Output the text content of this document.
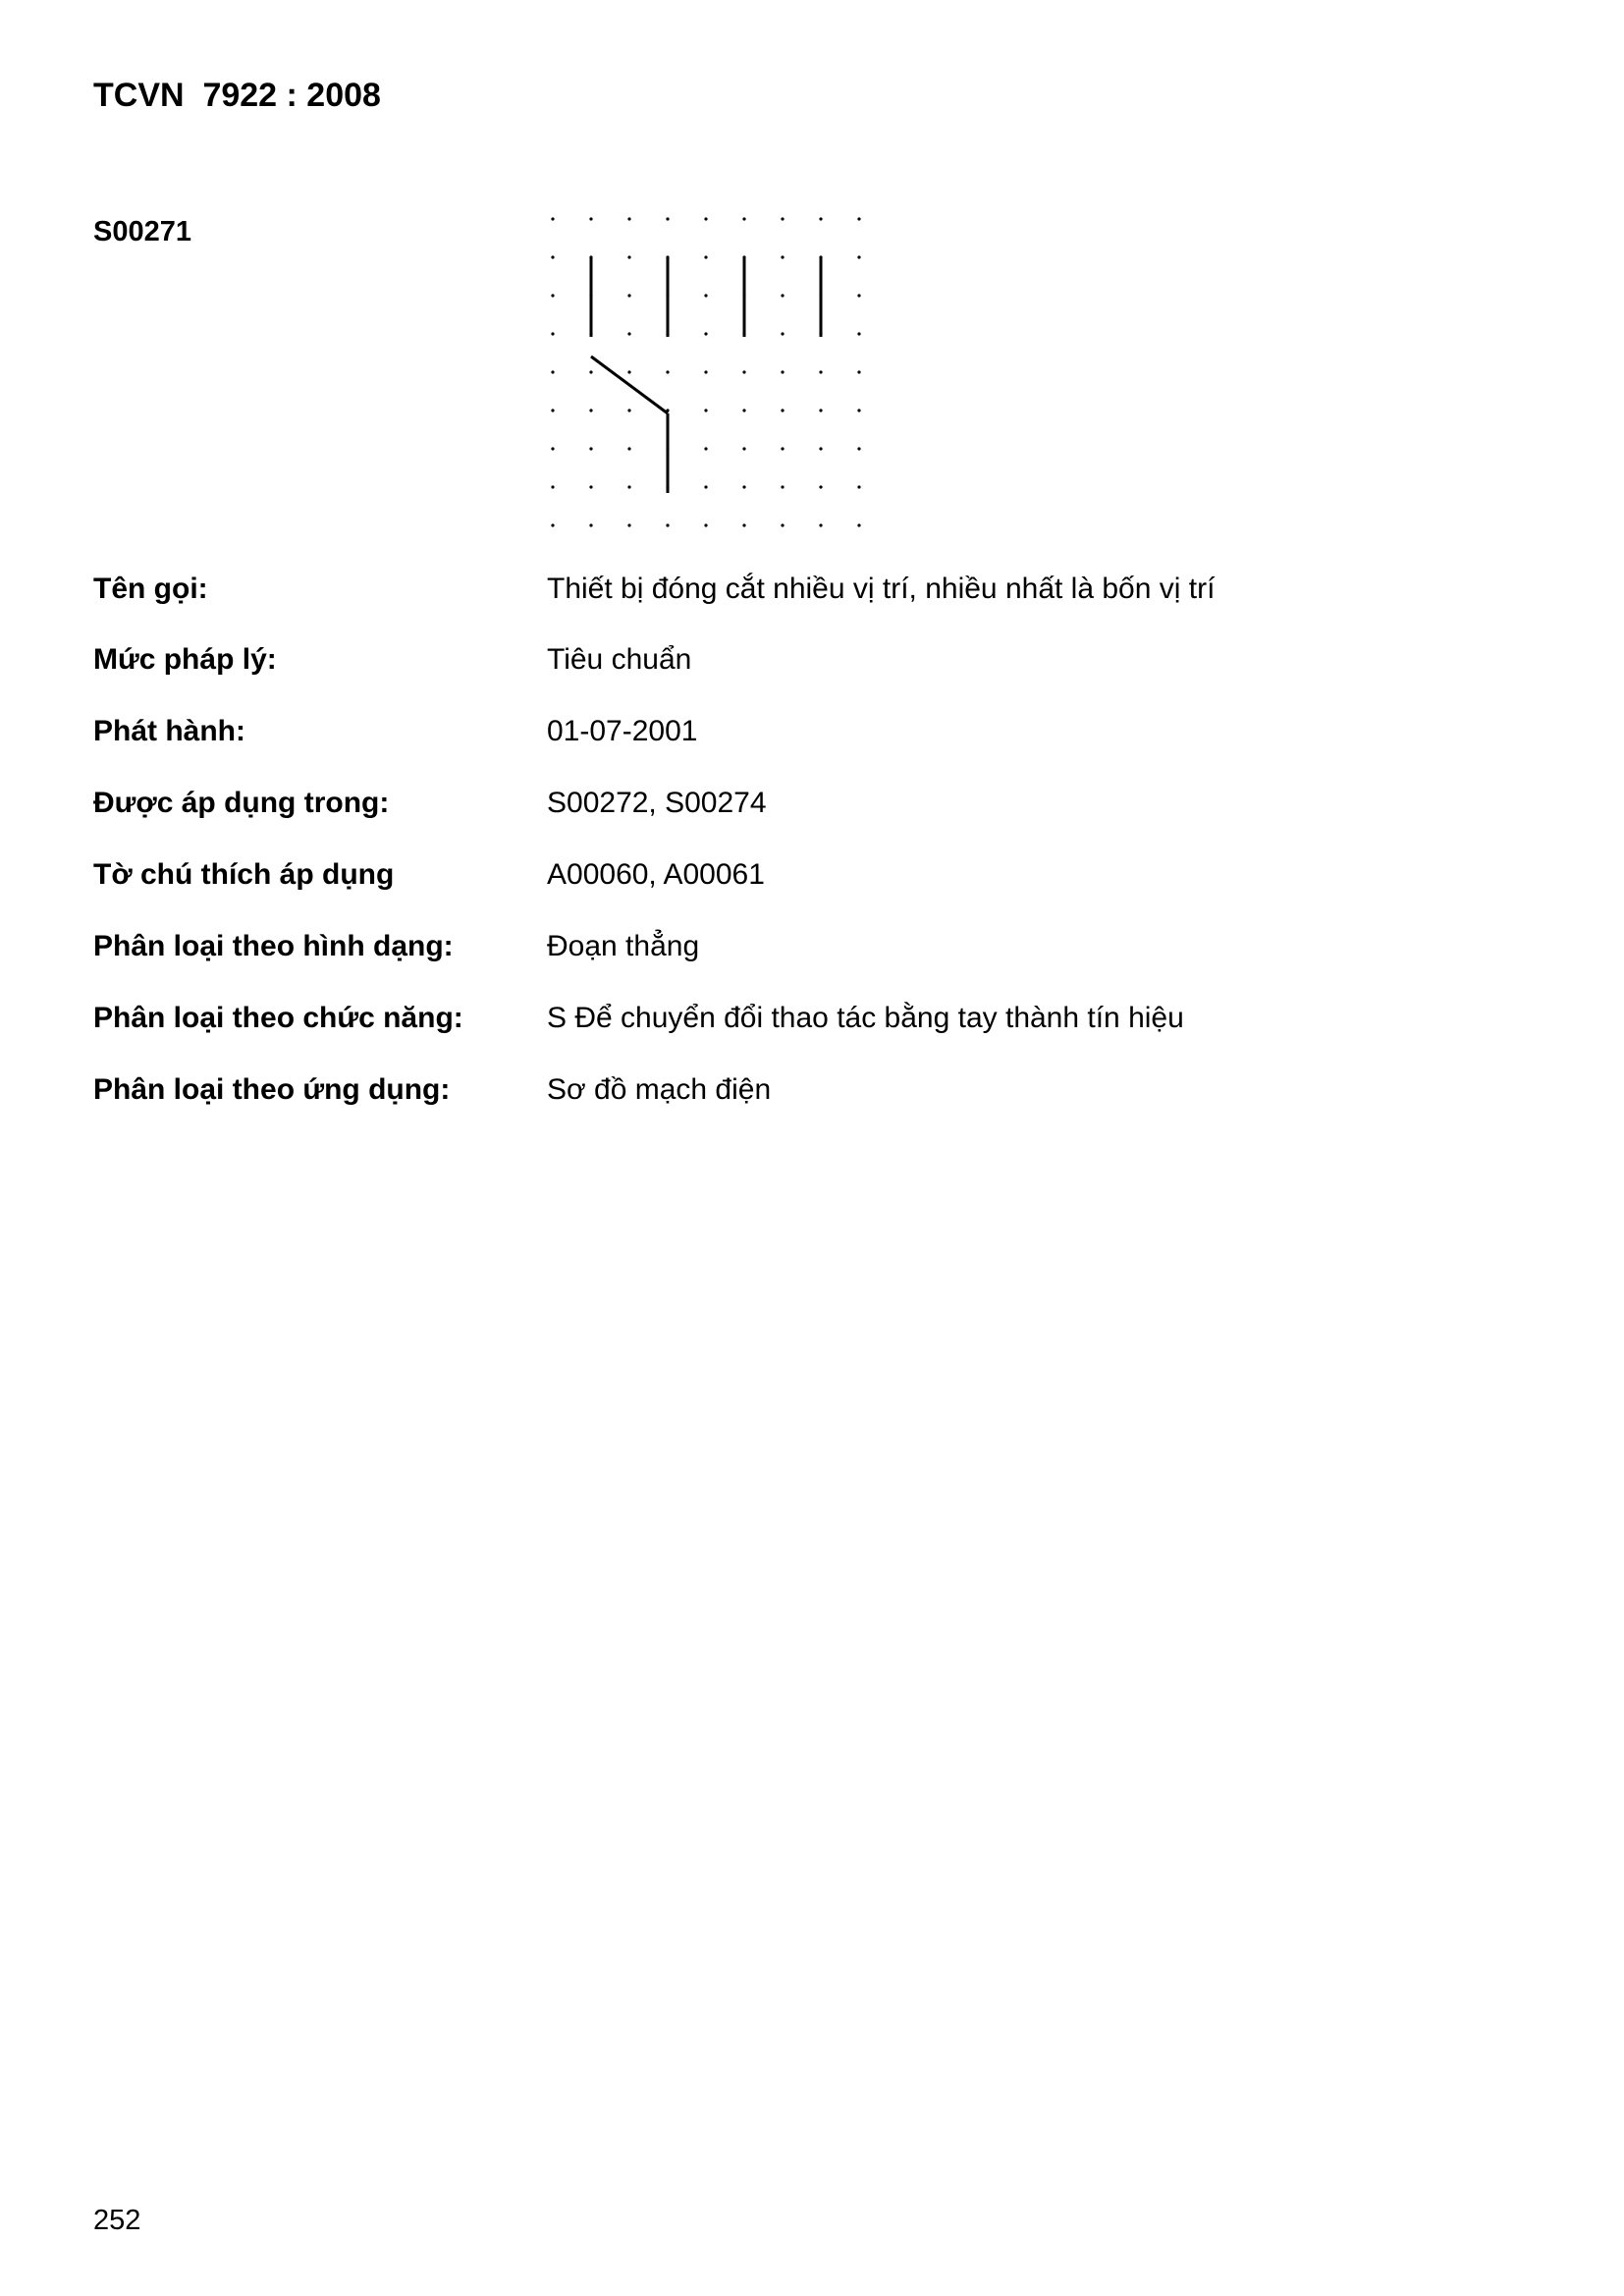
TCVN  7922 : 2008
S00271
Tên gọi:	Thiết bị đóng cắt nhiều vị trí, nhiều nhất là bốn vị trí
Mức pháp lý:	Tiêu chuẩn
Phát hành:	01-07-2001
Được áp dụng trong:	S00272, S00274
Tờ chú thích áp dụng	A00060, A00061
Phân loại theo hình dạng:	Đoạn thẳng
Phân loại theo chức năng:	S Để chuyển đổi thao tác bằng tay thành tín hiệu
Phân loại theo ứng dụng:	Sơ đồ mạch điện
252
